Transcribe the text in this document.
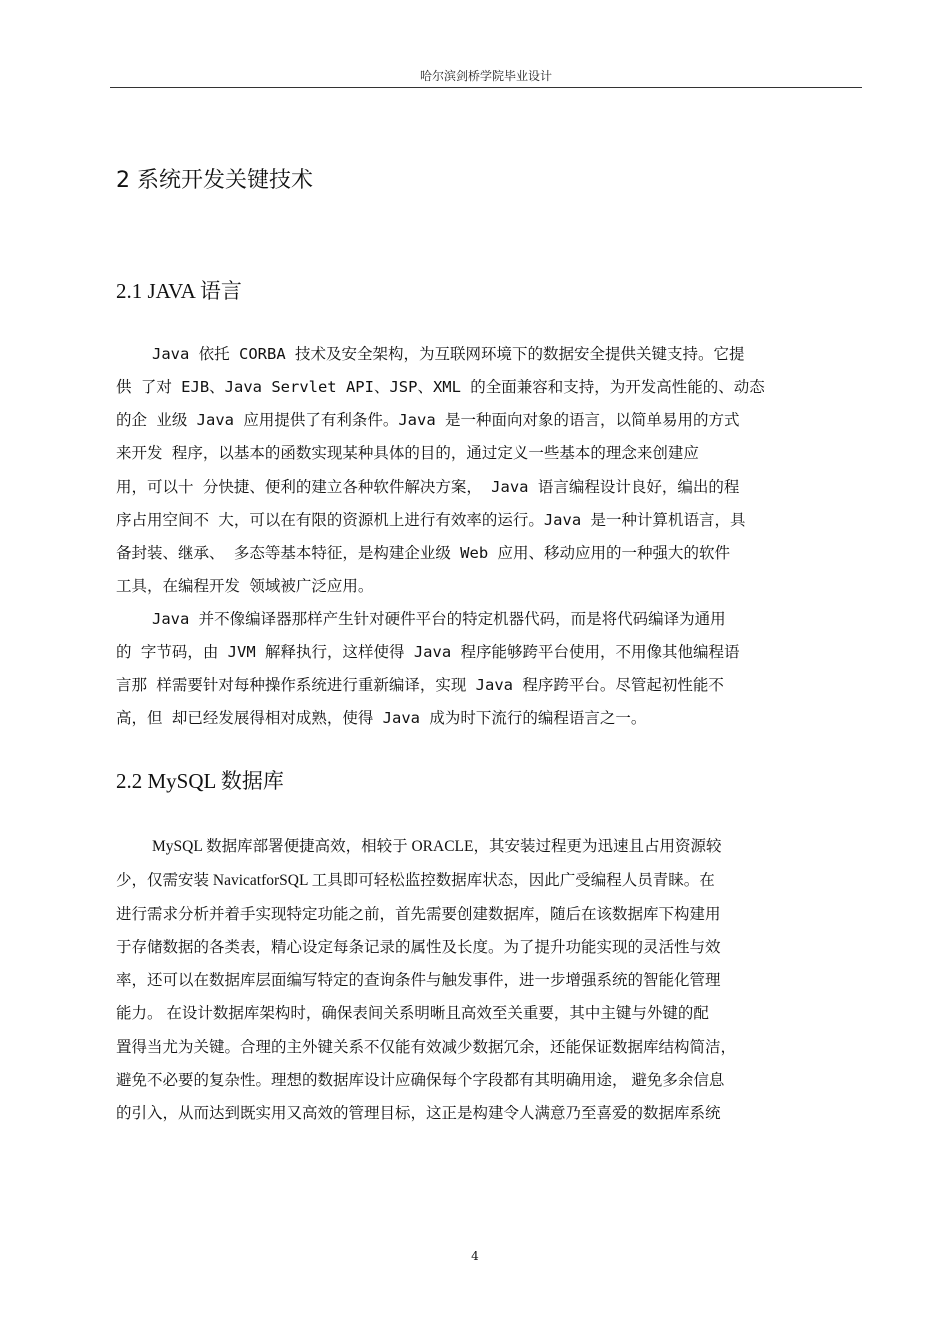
哈尔滨剑桥学院毕业设计
2 系统开发关键技术
2.1 JAVA 语言
Java 依托 CORBA 技术及安全架构，为互联网环境下的数据安全提供关键支持。它提
供 了对 EJB、Java Servlet API、JSP、XML 的全面兼容和支持，为开发高性能的、动态
的企 业级 Java 应用提供了有利条件。Java 是一种面向对象的语言，以简单易用的方式
来开发 程序，以基本的函数实现某种具体的目的，通过定义一些基本的理念来创建应
用，可以十 分快捷、便利的建立各种软件解决方案， Java 语言编程设计良好，编出的程
序占用空间不 大，可以在有限的资源机上进行有效率的运行。Java 是一种计算机语言，具
备封装、继承、 多态等基本特征，是构建企业级 Web 应用、移动应用的一种强大的软件
工具，在编程开发 领域被广泛应用。
Java 并不像编译器那样产生针对硬件平台的特定机器代码，而是将代码编译为通用
的 字节码，由 JVM 解释执行，这样使得 Java 程序能够跨平台使用，不用像其他编程语
言那 样需要针对每种操作系统进行重新编译，实现 Java 程序跨平台。尽管起初性能不
高，但 却已经发展得相对成熟，使得 Java 成为时下流行的编程语言之一。
2.2 MySQL 数据库
MySQL 数据库部署便捷高效，相较于 ORACLE，其安装过程更为迅速且占用资源较
少，仅需安装 NavicatforSQL 工具即可轻松监控数据库状态，因此广受编程人员青睐。在
进行需求分析并着手实现特定功能之前，首先需要创建数据库，随后在该数据库下构建用
于存储数据的各类表，精心设定每条记录的属性及长度。为了提升功能实现的灵活性与效
率，还可以在数据库层面编写特定的查询条件与触发事件，进一步增强系统的智能化管理
能力。 在设计数据库架构时，确保表间关系明晰且高效至关重要，其中主键与外键的配
置得当尤为关键。合理的主外键关系不仅能有效减少数据冗余，还能保证数据库结构简洁，
避免不必要的复杂性。理想的数据库设计应确保每个字段都有其明确用途， 避免多余信息
的引入，从而达到既实用又高效的管理目标，这正是构建令人满意乃至喜爱的数据库系统
4
